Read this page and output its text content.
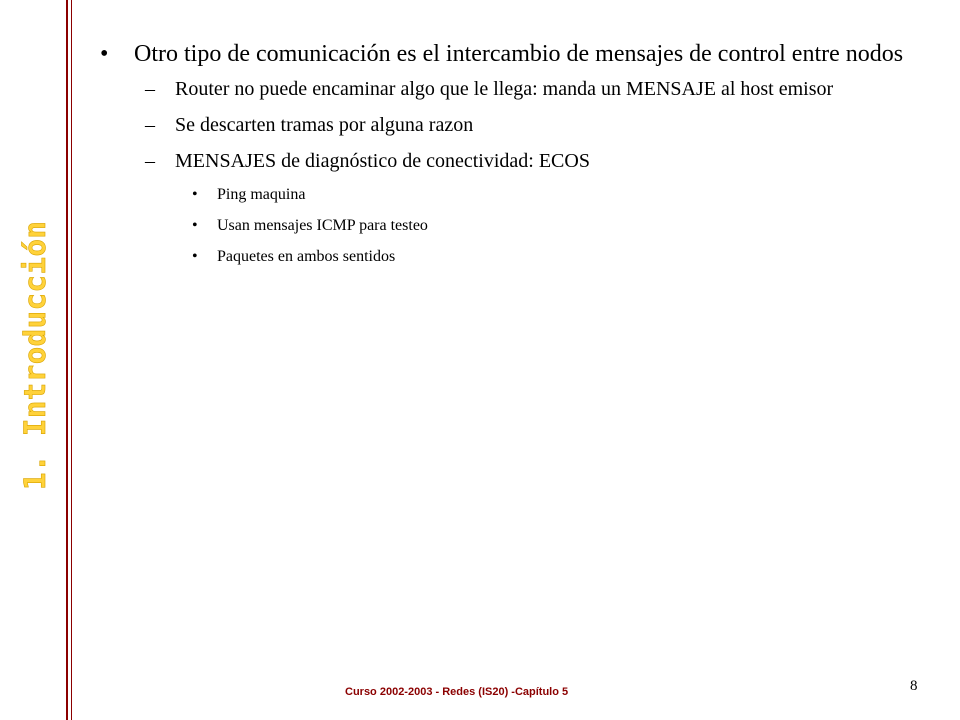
1. Introducción
•	Otro tipo de comunicación es el intercambio de mensajes de control entre nodos
– Router no puede encaminar algo que le llega: manda un MENSAJE al host emisor
– Se descarten tramas por alguna razon
– MENSAJES de diagnóstico de conectividad: ECOS
• Ping maquina
• Usan mensajes ICMP para testeo
• Paquetes en ambos sentidos
Curso 2002-2003 - Redes (IS20) -Capítulo 5	8
